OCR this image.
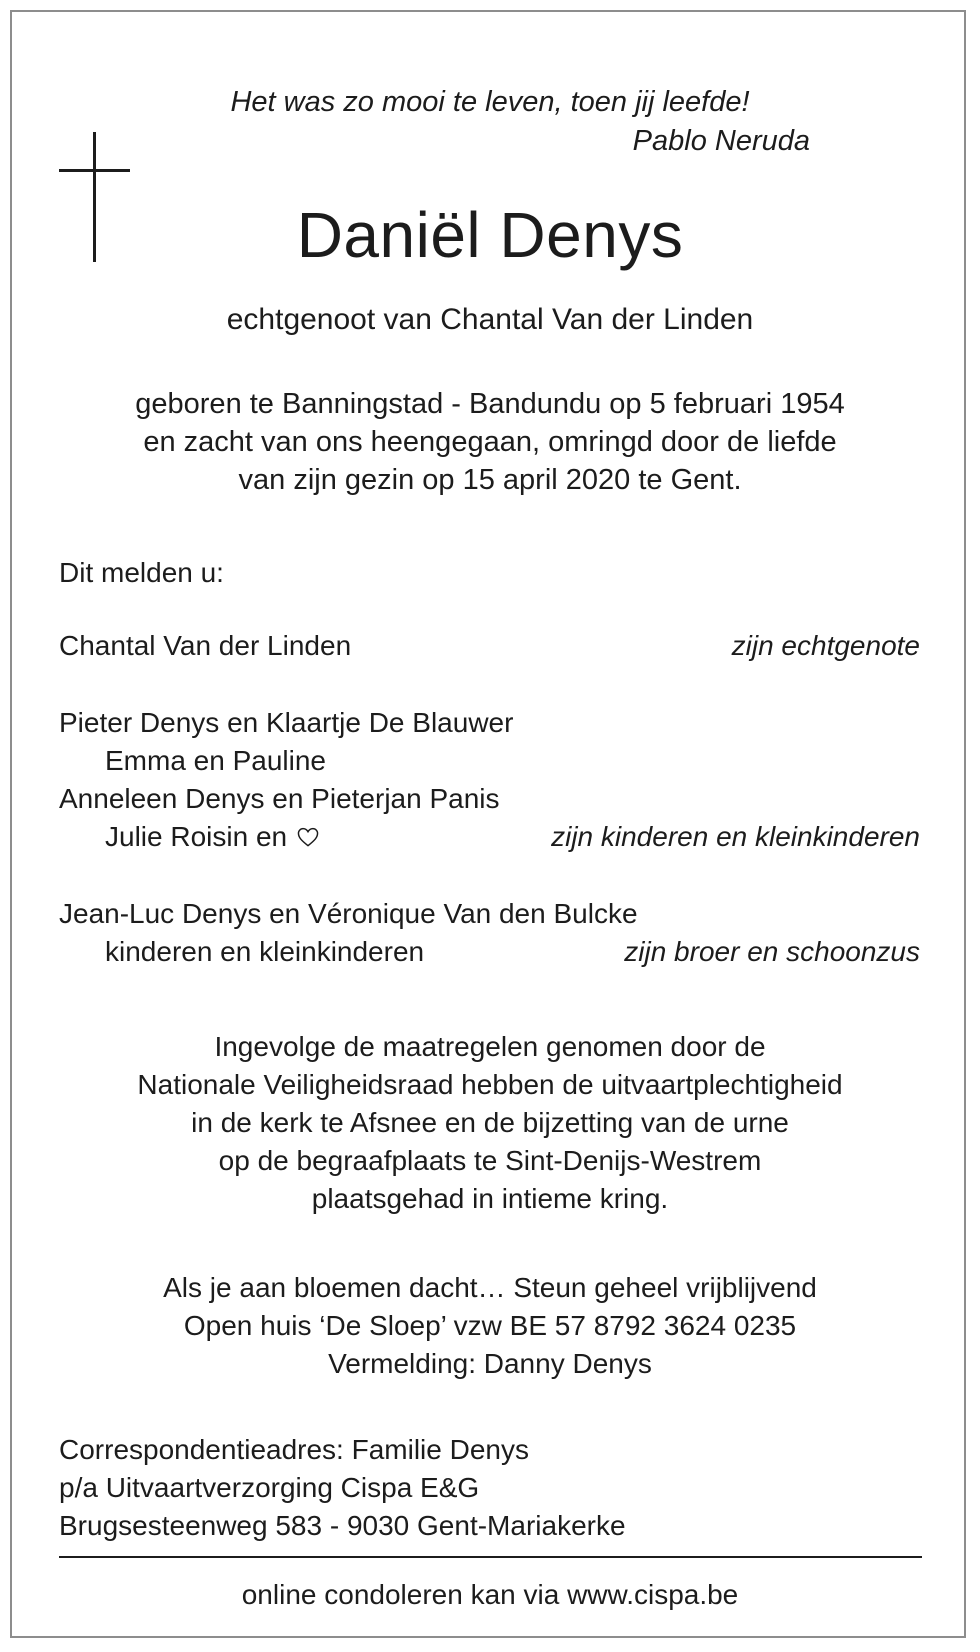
Het was zo mooi te leven, toen jij leefde!
Pablo Neruda
Daniël Denys
echtgenoot van Chantal Van der Linden
geboren te Banningstad - Bandundu op 5 februari 1954
en zacht van ons heengegaan, omringd door de liefde
van zijn gezin op 15 april 2020 te Gent.
Dit melden u:
Chantal Van der Linden	zijn echtgenote
Pieter Denys en Klaartje De Blauwer
Emma en Pauline
Anneleen Denys en Pieterjan Panis
Julie Roisin en	zijn kinderen en kleinkinderen
Jean-Luc Denys en Véronique Van den Bulcke
kinderen en kleinkinderen	zijn broer en schoonzus
Ingevolge de maatregelen genomen door de
Nationale Veiligheidsraad hebben de uitvaartplechtigheid
in de kerk te Afsnee en de bijzetting van de urne
op de begraafplaats te Sint-Denijs-Westrem
plaatsgehad in intieme kring.
Als je aan bloemen dacht… Steun geheel vrijblijvend
Open huis ‘De Sloep’ vzw BE 57 8792 3624 0235
Vermelding: Danny Denys
Correspondentieadres: Familie Denys
p/a Uitvaartverzorging Cispa E&G
Brugsesteenweg 583 - 9030 Gent-Mariakerke
online condoleren kan via www.cispa.be
